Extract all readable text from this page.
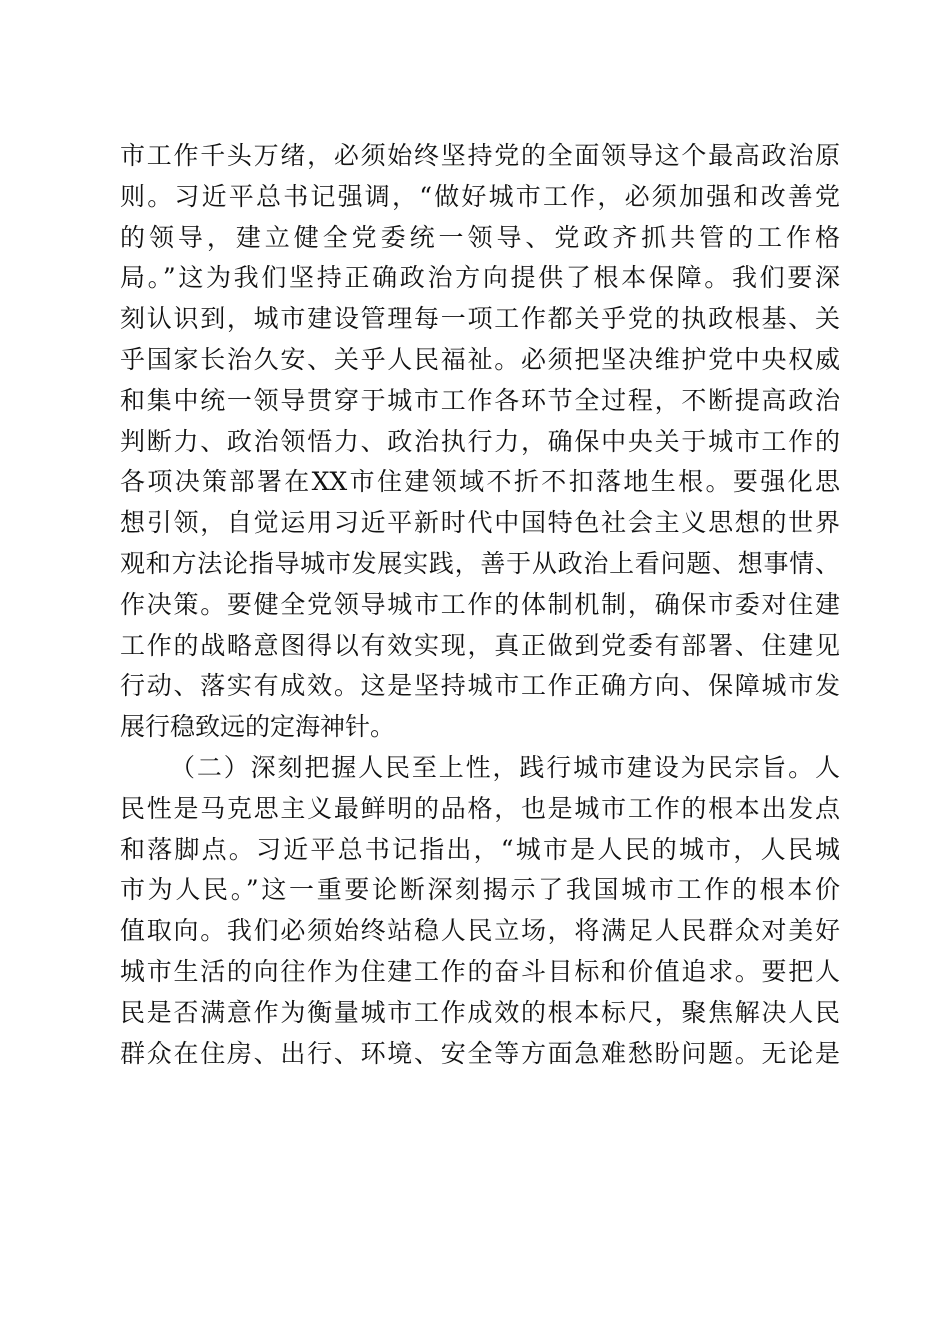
市工作千头万绪，必须始终坚持党的全面领导这个最高政治原
则。习近平总书记强调，“做好城市工作，必须加强和改善党
的领导，建立健全党委统一领导、党政齐抓共管的工作格
局。”这为我们坚持正确政治方向提供了根本保障。我们要深
刻认识到，城市建设管理每一项工作都关乎党的执政根基、关
乎国家长治久安、关乎人民福祉。必须把坚决维护党中央权威
和集中统一领导贯穿于城市工作各环节全过程，不断提高政治
判断力、政治领悟力、政治执行力，确保中央关于城市工作的
各项决策部署在XX市住建领域不折不扣落地生根。要强化思
想引领，自觉运用习近平新时代中国特色社会主义思想的世界
观和方法论指导城市发展实践，善于从政治上看问题、想事情、
作决策。要健全党领导城市工作的体制机制，确保市委对住建
工作的战略意图得以有效实现，真正做到党委有部署、住建见
行动、落实有成效。这是坚持城市工作正确方向、保障城市发
展行稳致远的定海神针。
（二）深刻把握人民至上性，践行城市建设为民宗旨。人
民性是马克思主义最鲜明的品格，也是城市工作的根本出发点
和落脚点。习近平总书记指出，“城市是人民的城市，人民城
市为人民。”这一重要论断深刻揭示了我国城市工作的根本价
值取向。我们必须始终站稳人民立场，将满足人民群众对美好
城市生活的向往作为住建工作的奋斗目标和价值追求。要把人
民是否满意作为衡量城市工作成效的根本标尺，聚焦解决人民
群众在住房、出行、环境、安全等方面急难愁盼问题。无论是
